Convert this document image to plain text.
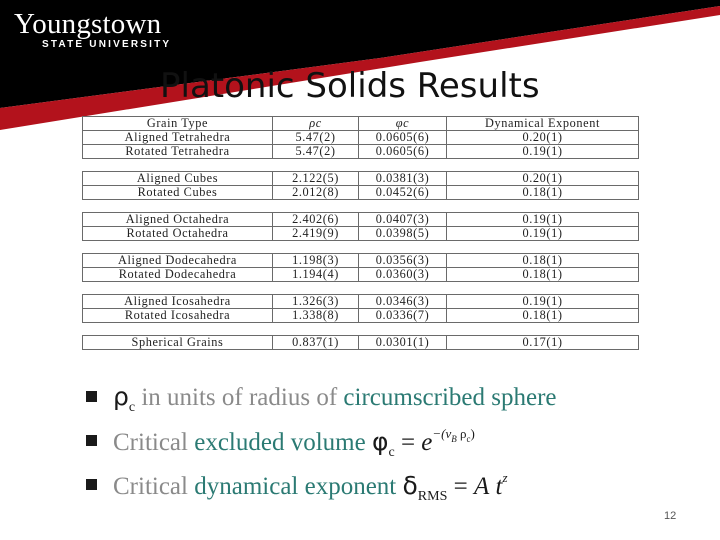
Youngstown
STATE UNIVERSITY
Platonic Solids Results
Grain Type	ρc	φc	Dynamical Exponent
Aligned Tetrahedra	5.47(2)	0.0605(6)	0.20(1)
Rotated Tetrahedra	5.47(2)	0.0605(6)	0.19(1)

Aligned Cubes	2.122(5)	0.0381(3)	0.20(1)
Rotated Cubes	2.012(8)	0.0452(6)	0.18(1)

Aligned Octahedra	2.402(6)	0.0407(3)	0.19(1)
Rotated Octahedra	2.419(9)	0.0398(5)	0.19(1)

Aligned Dodecahedra	1.198(3)	0.0356(3)	0.18(1)
Rotated Dodecahedra	1.194(4)	0.0360(3)	0.18(1)

Aligned Icosahedra	1.326(3)	0.0346(3)	0.19(1)
Rotated Icosahedra	1.338(8)	0.0336(7)	0.18(1)

Spherical Grains	0.837(1)	0.0301(1)	0.17(1)
$\rho_c$ in units of radius of circumscribed sphere
Critical excluded volume $\varphi_c = e^{-(vB}$ $^{\rho c)}$
Critical dynamical exponent $\delta_{RMS} = A$ $t^z$
12
